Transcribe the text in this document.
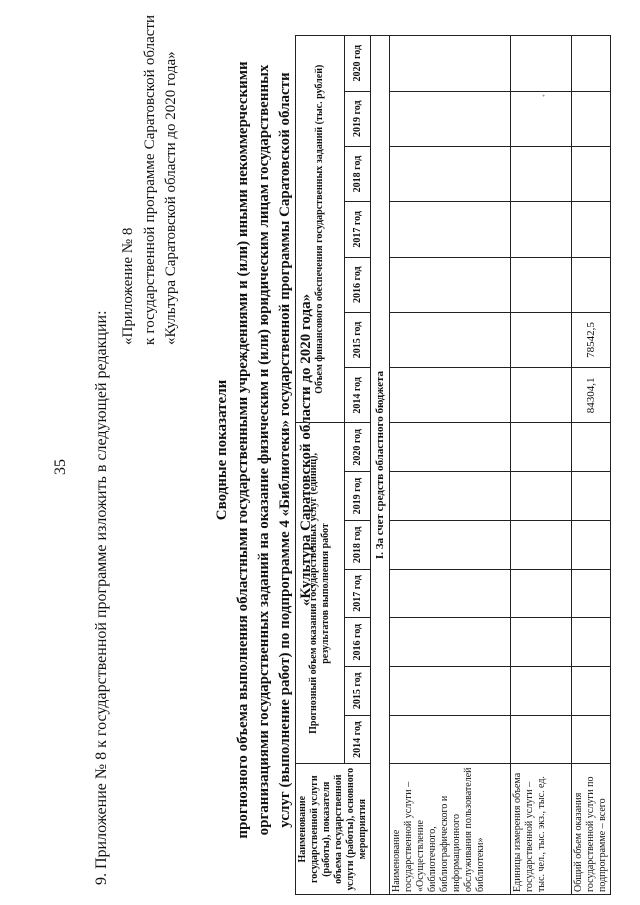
35 9. Приложение № 8 к государственной программе изложить в следующей редакции:
«Приложение № 8 к государственной программе Саратовской области «Культура Саратовской области до 2020 года»
Сводные показатели прогнозного объема выполнения областными государственными учреждениями и (или) иными некоммерческими организациями государственных заданий на оказание физическим и (или) юридическим лицам государственных услуг (выполнение работ) по подпрограмме 4 «Библиотеки» государственной программы Саратовской области «Культура Саратовской области до 2020 года»
Наименование государственной услуги (работы), показателя объема государственной услуги (работы), основного мероприятия	Прогнозный объем оказания государственных услуг (единиц), результатов выполнения работ							Объем финансового обеспечения государственных заданий (тыс. рублей)						
	2014 год	2015 год	2016 год	2017 год	2018 год	2019 год	2020 год	2014 год	2015 год	2016 год	2017 год	2018 год	2019 год	2020 год
I. За счет средств областного бюджета														
Наименование государственной услуги – «Осуществление библиотечного, библиографического и информационного обслуживания пользователей библиотеки»														
Единицы измерения объема государственной услуги – тыс. чел., тыс. экз., тыс. ед.														
Общий объем оказания государственной услуги по подпрограмме – всего								84304,1	78542,5					
ᐩ
